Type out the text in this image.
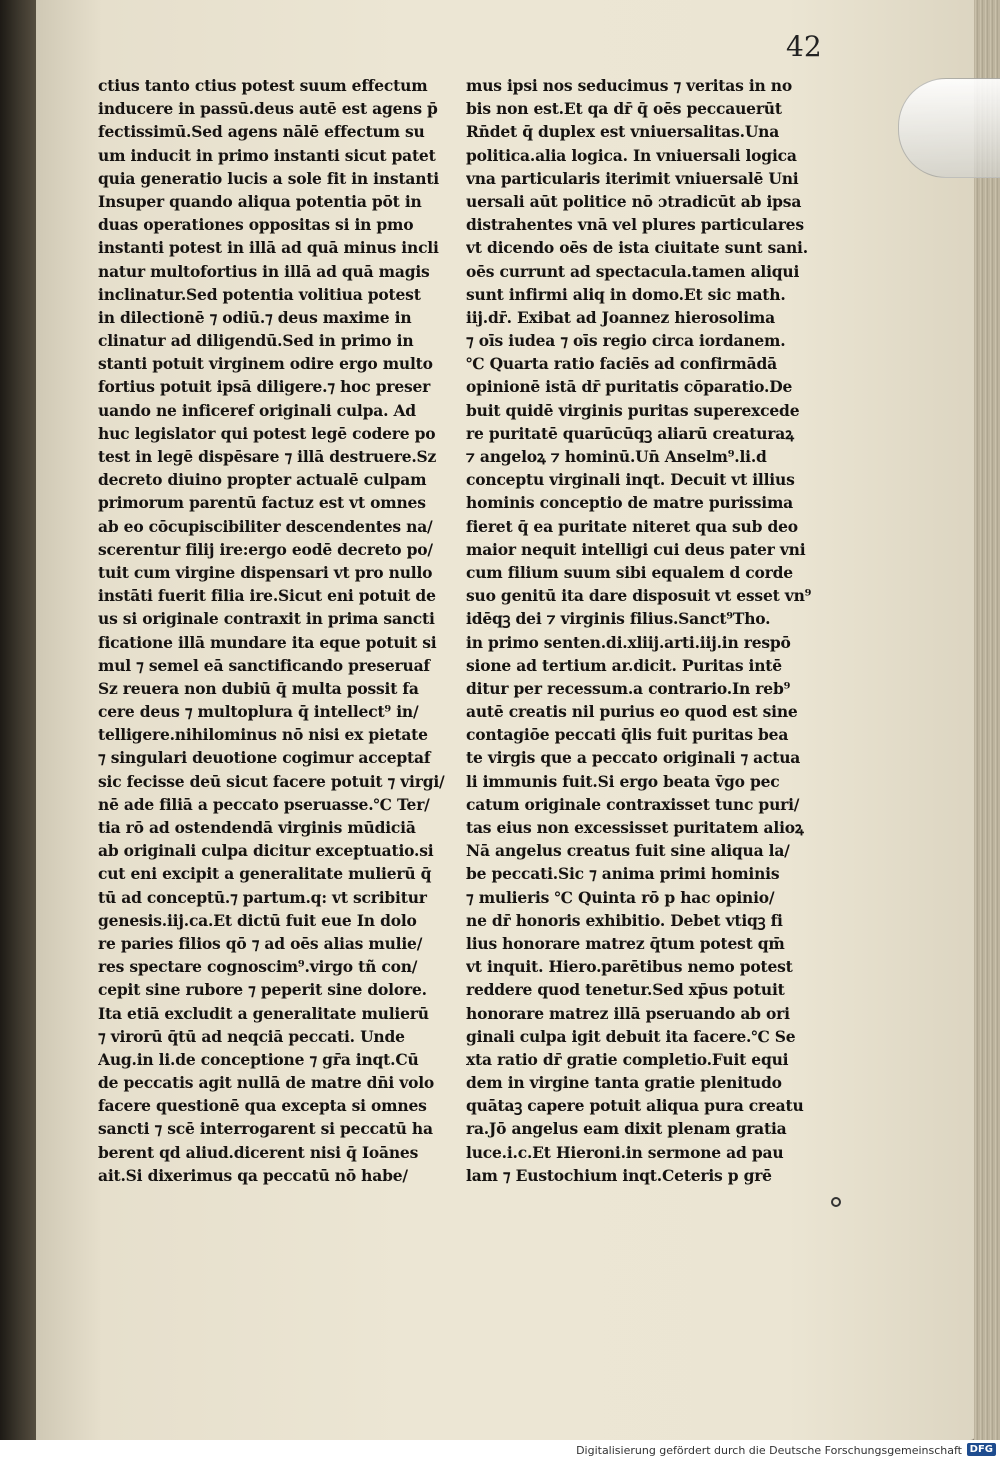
42
ctius tanto ctius potest suum effectum
inducere in passū.deus autē est agens p̄
fectissimū.Sed agens nālē effectum su
um inducit in primo instanti sicut patet
quia generatio lucis a sole fit in instanti
Insuper quando aliqua potentia pōt in
duas operationes oppositas si in pmo
instanti potest in illā ad quā minus incli
natur multofortius in illā ad quā magis
inclinatur.Sed potentia volitiua potest
in dilectionē ⁊ odiū.⁊ deus maxime in
clinatur ad diligendū.Sed in primo in
stanti potuit virginem odire ergo multo
fortius potuit ipsā diligere.⁊ hoc preser
uando ne inficeref originali culpa. Ad
huc legislator qui potest legē codere po
test in legē dispēsare ⁊ illā destruere.Sz
decreto diuino propter actualē culpam
primorum parentū factuz est vt omnes
ab eo cōcupiscibiliter descendentes na/
scerentur filij ire:ergo eodē decreto po/
tuit cum virgine dispensari vt pro nullo
instāti fuerit filia ire.Sicut eni potuit de
us si originale contraxit in prima sancti
ficatione illā mundare ita eque potuit si
mul ⁊ semel eā sanctificando preseruaf
Sz reuera non dubiū q̄ multa possit fa
cere deus ⁊ multoplura q̄ intellect⁹ in/
telligere.nihilominus nō nisi ex pietate
⁊ singulari deuotione cogimur acceptaf
sic fecisse deū sicut facere potuit ⁊ virgi/
nē ade filiā a peccato pseruasse.℃ Ter/
tia rō ad ostendendā virginis mūdiciā
ab originali culpa dicitur exceptuatio.si
cut eni excipit a generalitate mulierū q̄
tū ad conceptū.⁊ partum.q: vt scribitur
genesis.iij.ca.Et dictū fuit eue In dolo
re paries filios qō ⁊ ad oēs alias mulie/
res spectare cognoscim⁹.virgo tñ con/
cepit sine rubore ⁊ peperit sine dolore.
Ita etiā excludit a generalitate mulierū
⁊ virorū q̄tū ad neqciā peccati. Unde
Aug.in li.de conceptione ⁊ gr̄a inqt.Cū
de peccatis agit nullā de matre dn̄i volo
facere questionē qua excepta si omnes
sancti ⁊ scē interrogarent si peccatū ha
berent qd aliud.dicerent nisi q̄ Ioānes
ait.Si dixerimus qa peccatū nō habe/
mus ipsi nos seducimus ⁊ veritas in no
bis non est.Et qa dr̄ q̄ oēs peccauerūt
Rn̄det q̄ duplex est vniuersalitas.Una
politica.alia logica. In vniuersali logica
vna particularis iterimit vniuersalē Uni
uersali aūt politice nō ɔtradicūt ab ipsa
distrahentes vnā vel plures particulares
vt dicendo oēs de ista ciuitate sunt sani.
oēs currunt ad spectacula.tamen aliqui
sunt infirmi aliq in domo.Et sic math.
iij.dr̄. Exibat ad Joannez hierosolima
⁊ oīs iudea ⁊ oīs regio circa iordanem.
℃ Quarta ratio faciēs ad confirmādā
opinionē istā dr̄ puritatis cōparatio.De
buit quidē virginis puritas superexcede
re puritatē quarūcūqꝫ aliarū creaturaꝝ
⁊ angeloꝝ ⁊ hominū.Un̄ Anselm⁹.li.d
conceptu virginali inqt. Decuit vt illius
hominis conceptio de matre purissima
fieret q̄ ea puritate niteret qua sub deo
maior nequit intelligi cui deus pater vni
cum filium suum sibi equalem d corde
suo genitū ita dare disposuit vt esset vn⁹
idēqꝫ dei ⁊ virginis filius.Sanct⁹Tho.
in primo senten.di.xliij.arti.iij.in respō
sione ad tertium ar.dicit. Puritas intē
ditur per recessum.a contrario.In reb⁹
autē creatis nil purius eo quod est sine
contagiōe peccati q̄lis fuit puritas bea
te virgis que a peccato originali ⁊ actua
li immunis fuit.Si ergo beata v̄go pec
catum originale contraxisset tunc puri/
tas eius non excessisset puritatem alioꝝ
Nā angelus creatus fuit sine aliqua la/
be peccati.Sic ⁊ anima primi hominis
⁊ mulieris ℃ Quinta rō p hac opinio/
ne dr̄ honoris exhibitio. Debet vtiqꝫ fi
lius honorare matrez q̄tum potest qm̄
vt inquit. Hiero.parētibus nemo potest
reddere quod tenetur.Sed xp̄us potuit
honorare matrez illā pseruando ab ori
ginali culpa igit debuit ita facere.℃ Se
xta ratio dr̄ gratie completio.Fuit equi
dem in virgine tanta gratie plenitudo
quātaꝫ capere potuit aliqua pura creatu
ra.Jō angelus eam dixit plenam gratia
luce.i.c.Et Hieroni.in sermone ad pau
lam ⁊ Eustochium inqt.Ceteris p grē
Digitalisierung gefördert durch die Deutsche Forschungsgemeinschaft DFG
